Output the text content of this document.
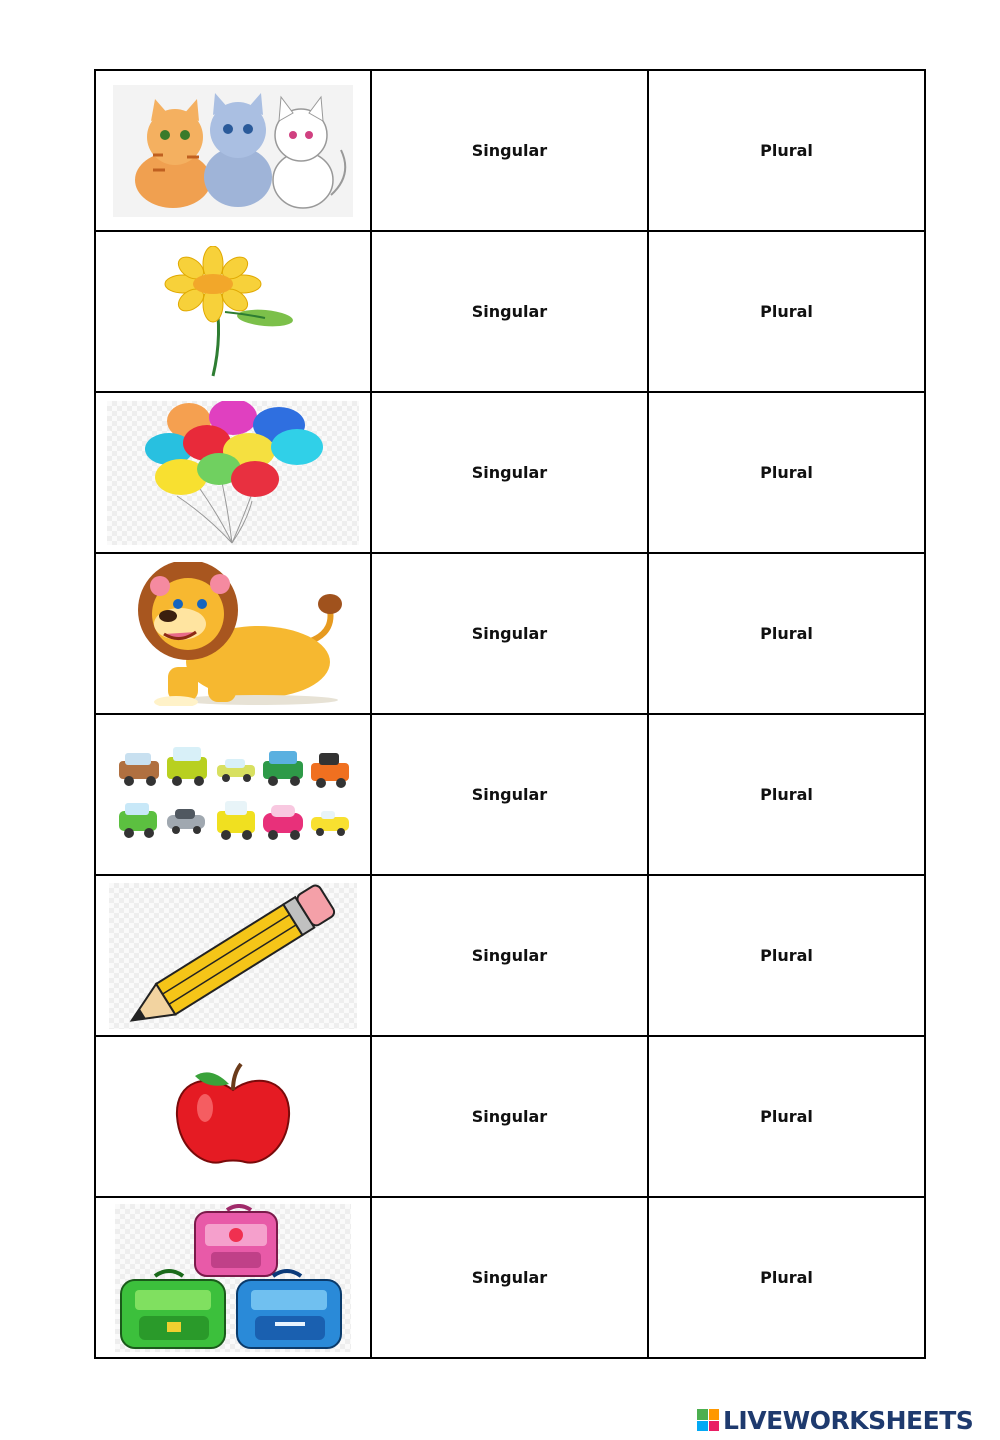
	Singular	Plural

	Singular	Plural

	Singular	Plural

	Singular	Plural

	Singular	Plural

	Singular	Plural

	Singular	Plural

	Singular	Plural
LIVEWORKSHEETS
